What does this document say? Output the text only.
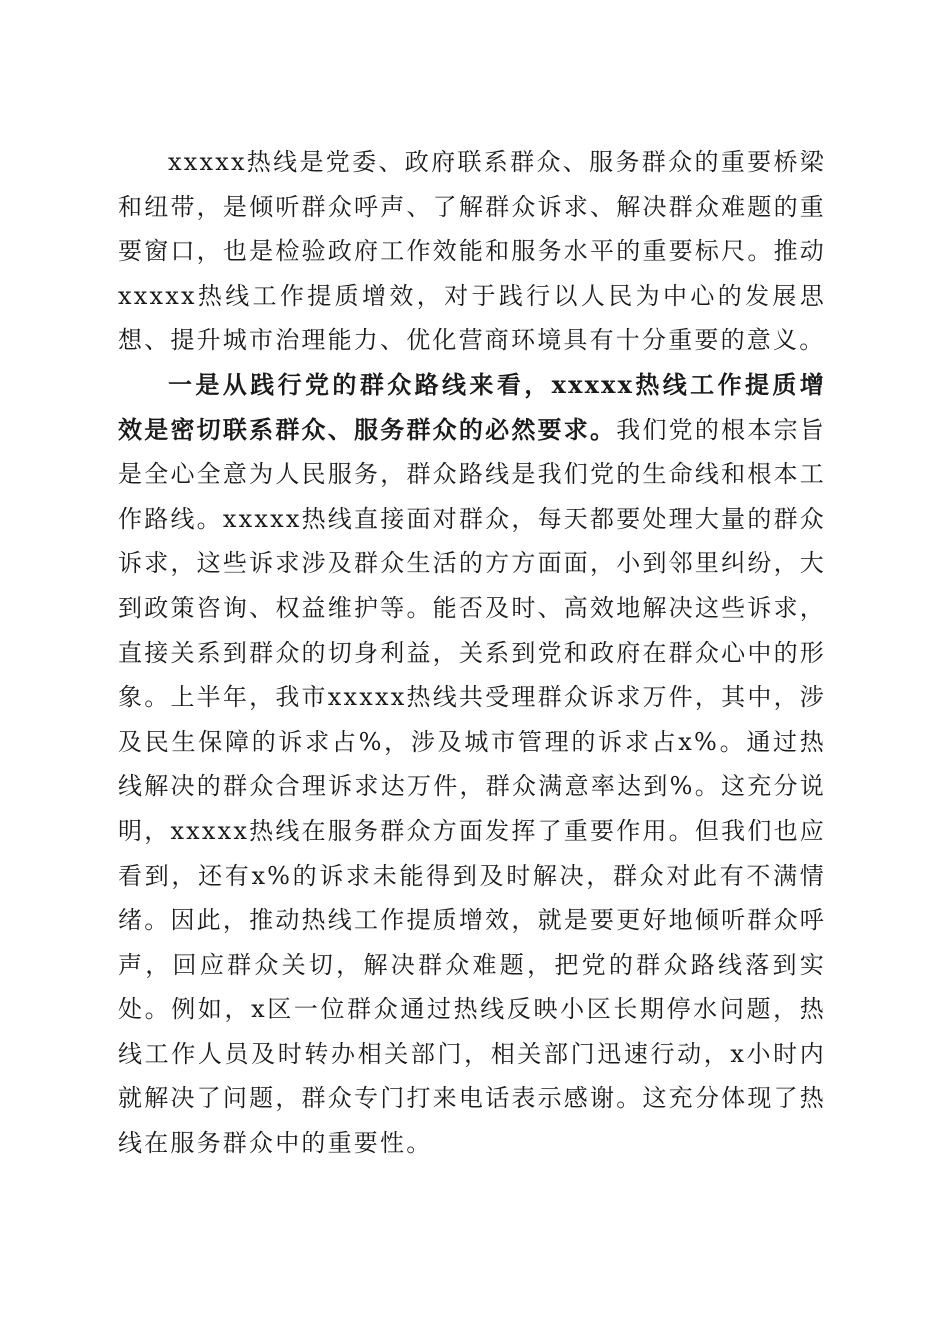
xxxxx热线是党委、政府联系群众、服务群众的重要桥梁和纽带，是倾听群众呼声、了解群众诉求、解决群众难题的重要窗口，也是检验政府工作效能和服务水平的重要标尺。推动xxxxx热线工作提质增效，对于践行以人民为中心的发展思想、提升城市治理能力、优化营商环境具有十分重要的意义。

一是从践行党的群众路线来看，xxxxx热线工作提质增效是密切联系群众、服务群众的必然要求。我们党的根本宗旨是全心全意为人民服务，群众路线是我们党的生命线和根本工作路线。xxxxx热线直接面对群众，每天都要处理大量的群众诉求，这些诉求涉及群众生活的方方面面，小到邻里纠纷，大到政策咨询、权益维护等。能否及时、高效地解决这些诉求，直接关系到群众的切身利益，关系到党和政府在群众心中的形象。上半年，我市xxxxx热线共受理群众诉求万件，其中，涉及民生保障的诉求占%，涉及城市管理的诉求占x%。通过热线解决的群众合理诉求达万件，群众满意率达到%。这充分说明，xxxxx热线在服务群众方面发挥了重要作用。但我们也应看到，还有x%的诉求未能得到及时解决，群众对此有不满情绪。因此，推动热线工作提质增效，就是要更好地倾听群众呼声，回应群众关切，解决群众难题，把党的群众路线落到实处。例如，x区一位群众通过热线反映小区长期停水问题，热线工作人员及时转办相关部门，相关部门迅速行动，x小时内就解决了问题，群众专门打来电话表示感谢。这充分体现了热线在服务群众中的重要性。
